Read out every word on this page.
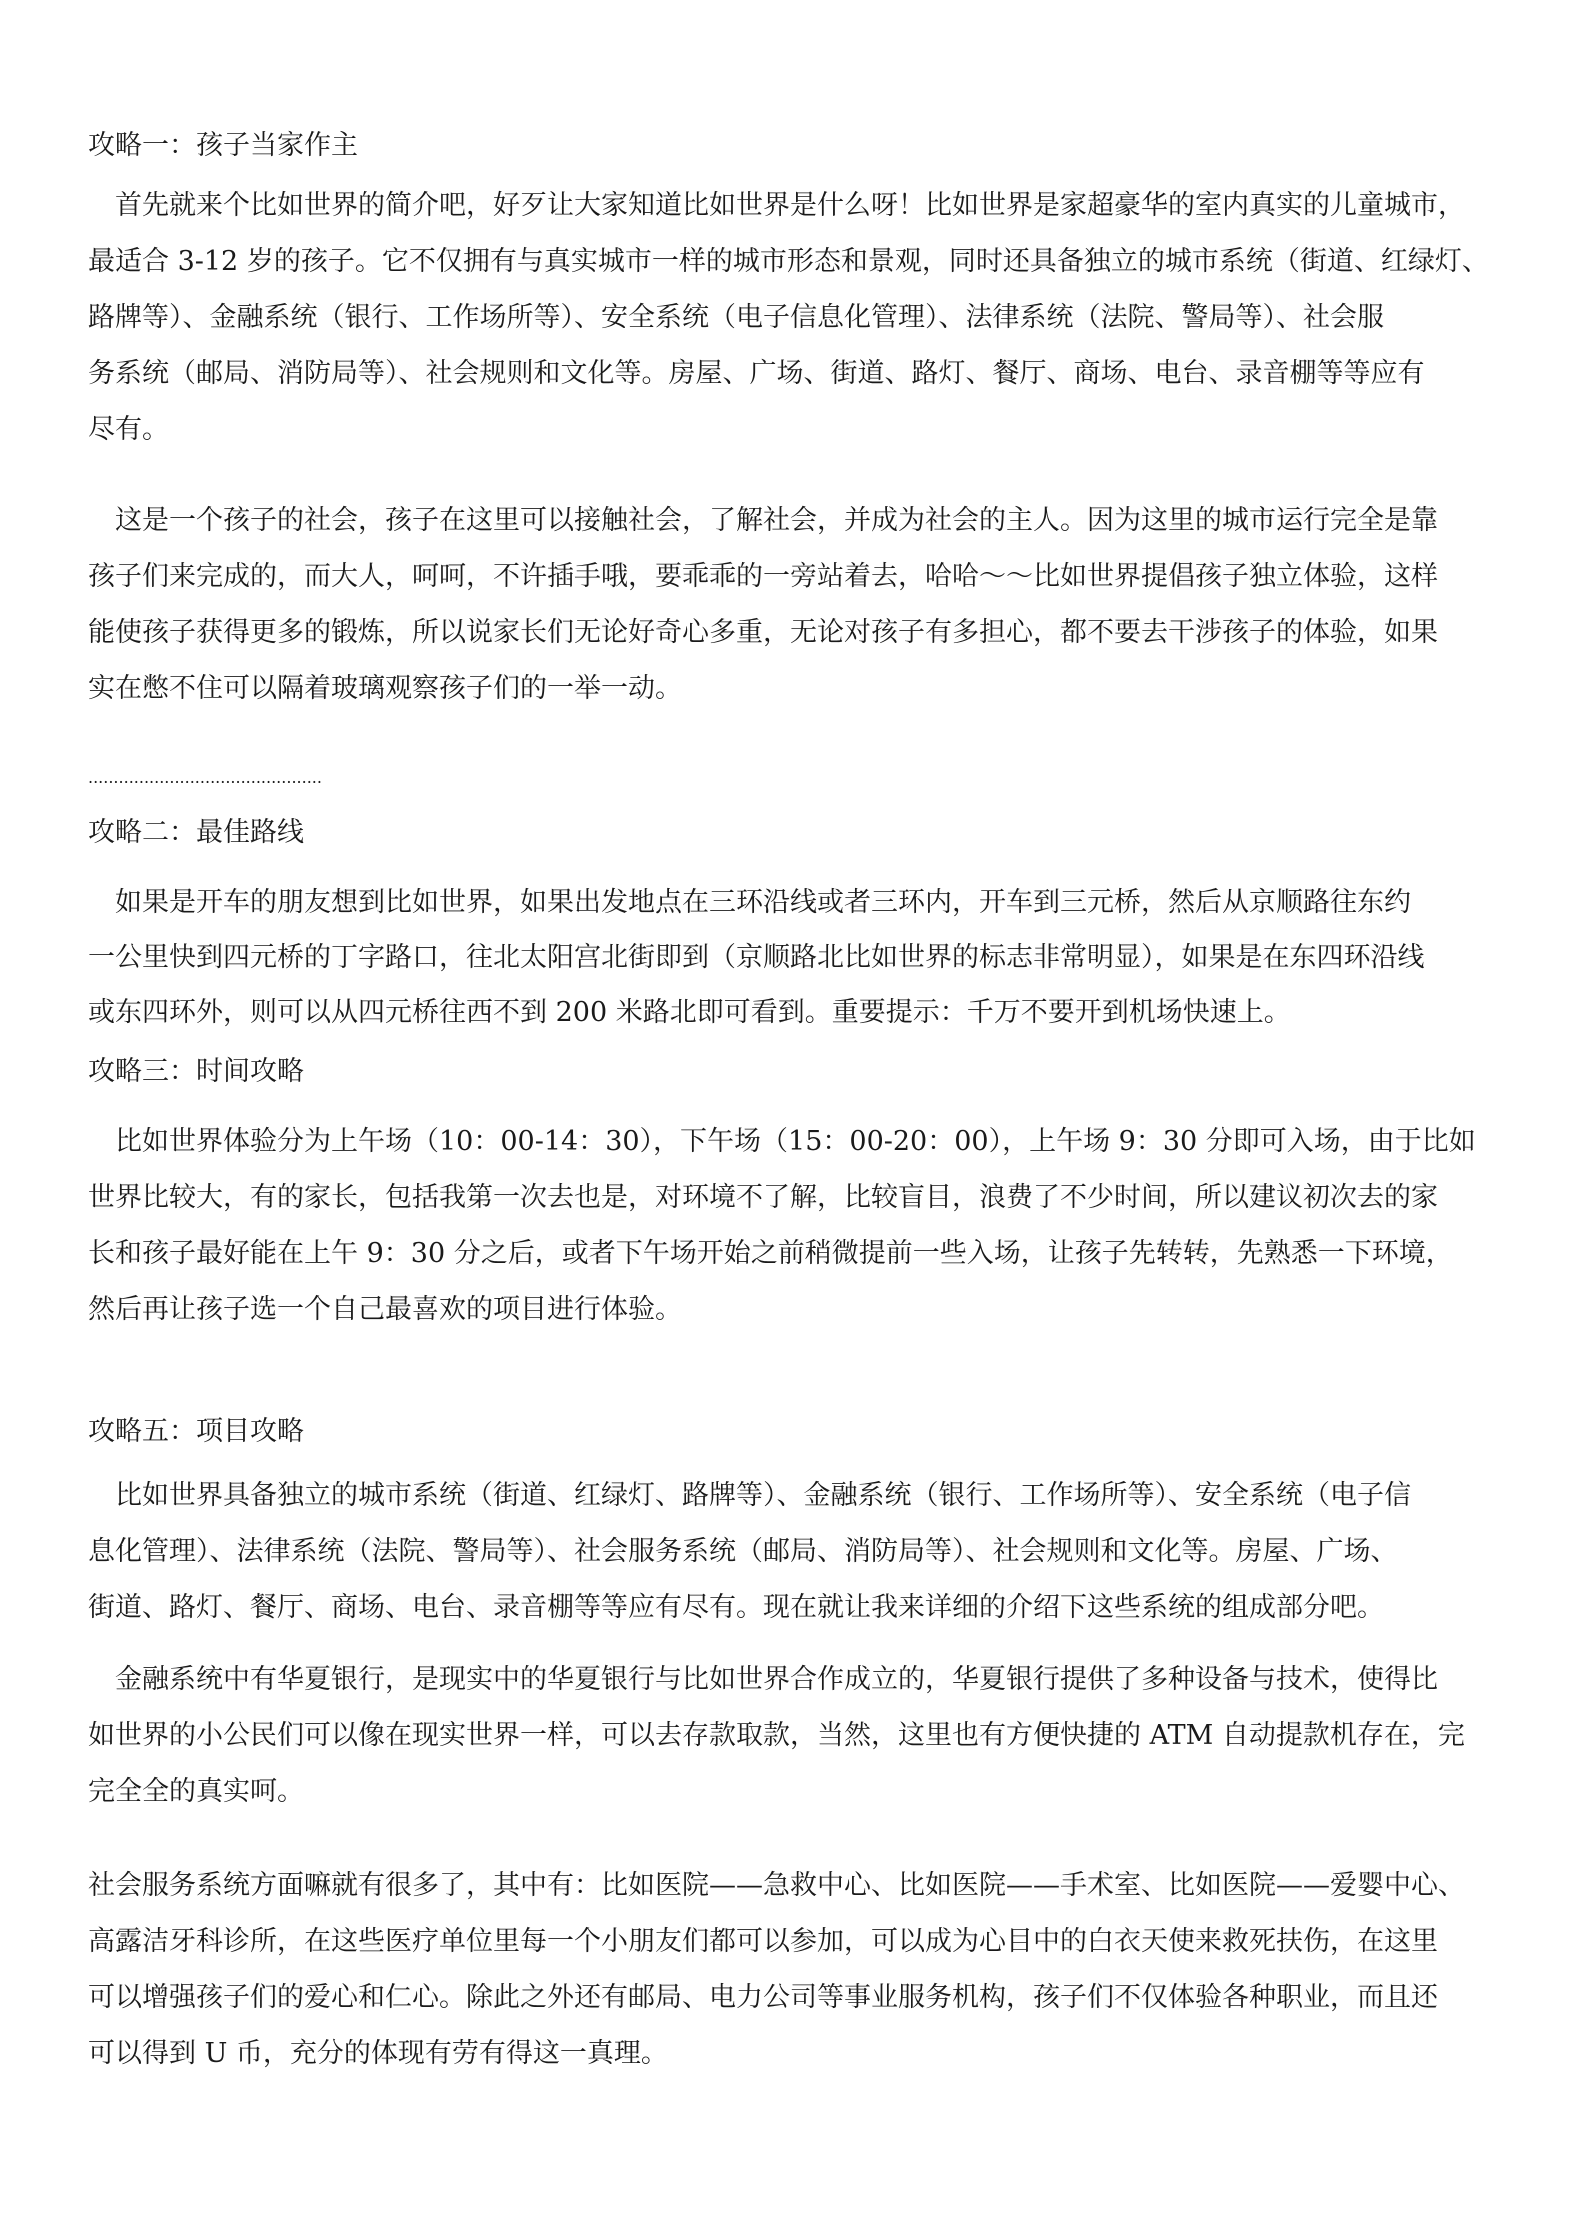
攻略一：孩子当家作主
　首先就来个比如世界的简介吧，好歹让大家知道比如世界是什么呀！比如世界是家超豪华的室内真实的儿童城市，
最适合 3-12 岁的孩子。它不仅拥有与真实城市一样的城市形态和景观，同时还具备独立的城市系统（街道、红绿灯、
路牌等）、金融系统（银行、工作场所等）、安全系统（电子信息化管理）、法律系统（法院、警局等）、社会服
务系统（邮局、消防局等）、社会规则和文化等。房屋、广场、街道、路灯、餐厅、商场、电台、录音棚等等应有
尽有。
　这是一个孩子的社会，孩子在这里可以接触社会，了解社会，并成为社会的主人。因为这里的城市运行完全是靠
孩子们来完成的，而大人，呵呵，不许插手哦，要乖乖的一旁站着去，哈哈～～比如世界提倡孩子独立体验，这样
能使孩子获得更多的锻炼，所以说家长们无论好奇心多重，无论对孩子有多担心，都不要去干涉孩子的体验，如果
实在憋不住可以隔着玻璃观察孩子们的一举一动。
..............................................
攻略二：最佳路线
　如果是开车的朋友想到比如世界，如果出发地点在三环沿线或者三环内，开车到三元桥，然后从京顺路往东约
一公里快到四元桥的丁字路口，往北太阳宫北街即到（京顺路北比如世界的标志非常明显），如果是在东四环沿线
或东四环外，则可以从四元桥往西不到 200 米路北即可看到。重要提示：千万不要开到机场快速上。
攻略三：时间攻略
　比如世界体验分为上午场（10：00-14：30），下午场（15：00-20：00），上午场 9：30 分即可入场，由于比如
世界比较大，有的家长，包括我第一次去也是，对环境不了解，比较盲目，浪费了不少时间，所以建议初次去的家
长和孩子最好能在上午 9：30 分之后，或者下午场开始之前稍微提前一些入场，让孩子先转转，先熟悉一下环境，
然后再让孩子选一个自己最喜欢的项目进行体验。
攻略五：项目攻略
　比如世界具备独立的城市系统（街道、红绿灯、路牌等）、金融系统（银行、工作场所等）、安全系统（电子信
息化管理）、法律系统（法院、警局等）、社会服务系统（邮局、消防局等）、社会规则和文化等。房屋、广场、
街道、路灯、餐厅、商场、电台、录音棚等等应有尽有。现在就让我来详细的介绍下这些系统的组成部分吧。
　金融系统中有华夏银行，是现实中的华夏银行与比如世界合作成立的，华夏银行提供了多种设备与技术，使得比
如世界的小公民们可以像在现实世界一样，可以去存款取款，当然，这里也有方便快捷的 ATM 自动提款机存在，完
完全全的真实呵。
社会服务系统方面嘛就有很多了，其中有：比如医院——急救中心、比如医院——手术室、比如医院——爱婴中心、
高露洁牙科诊所，在这些医疗单位里每一个小朋友们都可以参加，可以成为心目中的白衣天使来救死扶伤，在这里
可以增强孩子们的爱心和仁心。除此之外还有邮局、电力公司等事业服务机构，孩子们不仅体验各种职业，而且还
可以得到 U 币，充分的体现有劳有得这一真理。
